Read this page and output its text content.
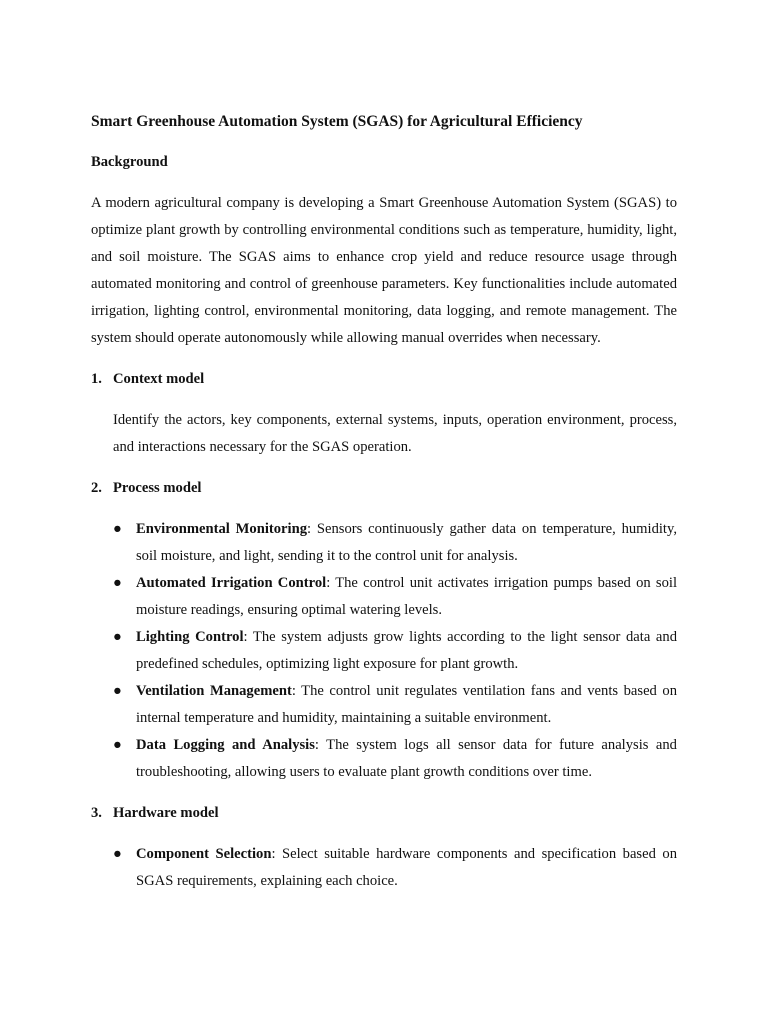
Smart Greenhouse Automation System (SGAS) for Agricultural Efficiency
Background
A modern agricultural company is developing a Smart Greenhouse Automation System (SGAS) to optimize plant growth by controlling environmental conditions such as temperature, humidity, light, and soil moisture. The SGAS aims to enhance crop yield and reduce resource usage through automated monitoring and control of greenhouse parameters. Key functionalities include automated irrigation, lighting control, environmental monitoring, data logging, and remote management. The system should operate autonomously while allowing manual overrides when necessary.
1. Context model
Identify the actors, key components, external systems, inputs, operation environment, process, and interactions necessary for the SGAS operation.
2. Process model
● Environmental Monitoring: Sensors continuously gather data on temperature, humidity, soil moisture, and light, sending it to the control unit for analysis.
● Automated Irrigation Control: The control unit activates irrigation pumps based on soil moisture readings, ensuring optimal watering levels.
● Lighting Control: The system adjusts grow lights according to the light sensor data and predefined schedules, optimizing light exposure for plant growth.
● Ventilation Management: The control unit regulates ventilation fans and vents based on internal temperature and humidity, maintaining a suitable environment.
● Data Logging and Analysis: The system logs all sensor data for future analysis and troubleshooting, allowing users to evaluate plant growth conditions over time.
3. Hardware model
● Component Selection: Select suitable hardware components and specification based on SGAS requirements, explaining each choice.
